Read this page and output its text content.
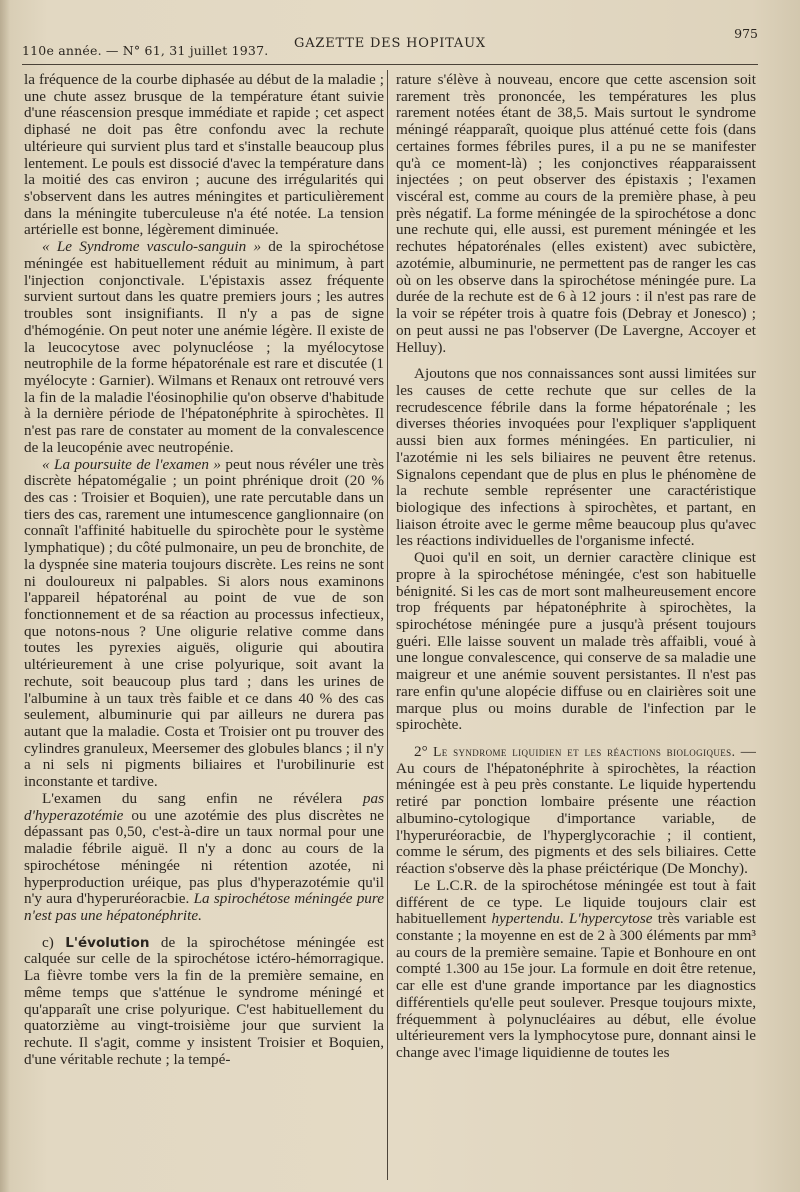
110e année. — N° 61, 31 juillet 1937.	GAZETTE DES HOPITAUX
975

la fréquence de la courbe diphasée au début de la maladie ; une chute assez brusque de la température étant suivie d'une réascension presque immédiate et rapide ; cet aspect diphasé ne doit pas être confondu avec la rechute ultérieure qui survient plus tard et s'installe beaucoup plus lentement. Le pouls est dissocié d'avec la température dans la moitié des cas environ ; aucune des irrégularités qui s'observent dans les autres méningites et particulièrement dans la méningite tuberculeuse n'a été notée. La tension artérielle est bonne, légèrement diminuée.

« Le Syndrome vasculo-sanguin » de la spirochétose méningée est habituellement réduit au minimum, à part l'injection conjonctivale. L'épistaxis assez fréquente survient surtout dans les quatre premiers jours ; les autres troubles sont insignifiants. Il n'y a pas de signe d'hémogénie. On peut noter une anémie légère. Il existe de la leucocytose avec polynucléose ; la myélocytose neutrophile de la forme hépatorénale est rare et discutée (1 myélocyte : Garnier). Wilmans et Renaux ont retrouvé vers la fin de la maladie l'éosinophilie qu'on observe d'habitude à la dernière période de l'hépatonéphrite à spirochètes. Il n'est pas rare de constater au moment de la convalescence de la leucopénie avec neutropénie.

« La poursuite de l'examen » peut nous révéler une très discrète hépatomégalie ; un point phrénique droit (20 % des cas : Troisier et Boquien), une rate percutable dans un tiers des cas, rarement une intumescence ganglionnaire (on connaît l'affinité habituelle du spirochète pour le système lymphatique) ; du côté pulmonaire, un peu de bronchite, de la dyspnée sine materia toujours discrète. Les reins ne sont ni douloureux ni palpables. Si alors nous examinons l'appareil hépatorénal au point de vue de son fonctionnement et de sa réaction au processus infectieux, que notons-nous ? Une oligurie relative comme dans toutes les pyrexies aiguës, oligurie qui aboutira ultérieurement à une crise polyurique, soit avant la rechute, soit beaucoup plus tard ; dans les urines de l'albumine à un taux très faible et ce dans 40 % des cas seulement, albuminurie qui par ailleurs ne durera pas autant que la maladie. Costa et Troisier ont pu trouver des cylindres granuleux, Meersemer des globules blancs ; il n'y a ni sels ni pigments biliaires et l'urobilinurie est inconstante et tardive.

L'examen du sang enfin ne révélera pas d'hyperazotémie ou une azotémie des plus discrètes ne dépassant pas 0,50, c'est-à-dire un taux normal pour une maladie fébrile aiguë. Il n'y a donc au cours de la spirochétose méningée ni rétention azotée, ni hyperproduction uréique, pas plus d'hyperazotémie qu'il n'y aura d'hyperuréoracbie. La spirochétose méningée pure n'est pas une hépatonéphrite.

c) L'évolution de la spirochétose méningée est calquée sur celle de la spirochétose ictéro-hémorragique. La fièvre tombe vers la fin de la première semaine, en même temps que s'atténue le syndrome méningé et qu'apparaît une crise polyurique. C'est habituellement du quatorzième au vingt-troisième jour que survient la rechute. Il s'agit, comme y insistent Troisier et Boquien, d'une véritable rechute ; la tempé-

rature s'élève à nouveau, encore que cette ascension soit rarement très prononcée, les températures les plus rarement notées étant de 38,5. Mais surtout le syndrome méningé réapparaît, quoique plus atténué cette fois (dans certaines formes fébriles pures, il a pu ne se manifester qu'à ce moment-là) ; les conjonctives réapparaissent injectées ; on peut observer des épistaxis ; l'examen viscéral est, comme au cours de la première phase, à peu près négatif. La forme méningée de la spirochétose a donc une rechute qui, elle aussi, est purement méningée et les rechutes hépatorénales (elles existent) avec subictère, azotémie, albuminurie, ne permettent pas de ranger les cas où on les observe dans la spirochétose méningée pure. La durée de la rechute est de 6 à 12 jours : il n'est pas rare de la voir se répéter trois à quatre fois (Debray et Jonesco) ; on peut aussi ne pas l'observer (De Lavergne, Accoyer et Helluy).

Ajoutons que nos connaissances sont aussi limitées sur les causes de cette rechute que sur celles de la recrudescence fébrile dans la forme hépatorénale ; les diverses théories invoquées pour l'expliquer s'appliquent aussi bien aux formes méningées. En particulier, ni l'azotémie ni les sels biliaires ne peuvent être retenus. Signalons cependant que de plus en plus le phénomène de la rechute semble représenter une caractéristique biologique des infections à spirochètes, et partant, en liaison étroite avec le germe même beaucoup plus qu'avec les réactions individuelles de l'organisme infecté.

Quoi qu'il en soit, un dernier caractère clinique est propre à la spirochétose méningée, c'est son habituelle bénignité. Si les cas de mort sont malheureusement encore trop fréquents par hépatonéphrite à spirochètes, la spirochétose méningée pure a jusqu'à présent toujours guéri. Elle laisse souvent un malade très affaibli, voué à une longue convalescence, qui conserve de sa maladie une maigreur et une anémie souvent persistantes. Il n'est pas rare enfin qu'une alopécie diffuse ou en clairières soit une marque plus ou moins durable de l'infection par le spirochète.

2° Le syndrome liquidien et les réactions biologiques. — Au cours de l'hépatonéphrite à spirochètes, la réaction méningée est à peu près constante. Le liquide hypertendu retiré par ponction lombaire présente une réaction albumino-cytologique d'importance variable, de l'hyperuréoracbie, de l'hyperglycorachie ; il contient, comme le sérum, des pigments et des sels biliaires. Cette réaction s'observe dès la phase préictérique (De Monchy).

Le L.C.R. de la spirochétose méningée est tout à fait différent de ce type. Le liquide toujours clair est habituellement hypertendu. L'hypercytose très variable est constante ; la moyenne en est de 2 à 300 éléments par mm³ au cours de la première semaine. Tapie et Bonhoure en ont compté 1.300 au 15e jour. La formule en doit être retenue, car elle est d'une grande importance par les diagnostics différentiels qu'elle peut soulever. Presque toujours mixte, fréquemment à polynucléaires au début, elle évolue ultérieurement vers la lymphocytose pure, donnant ainsi le change avec l'image liquidienne de toutes les
